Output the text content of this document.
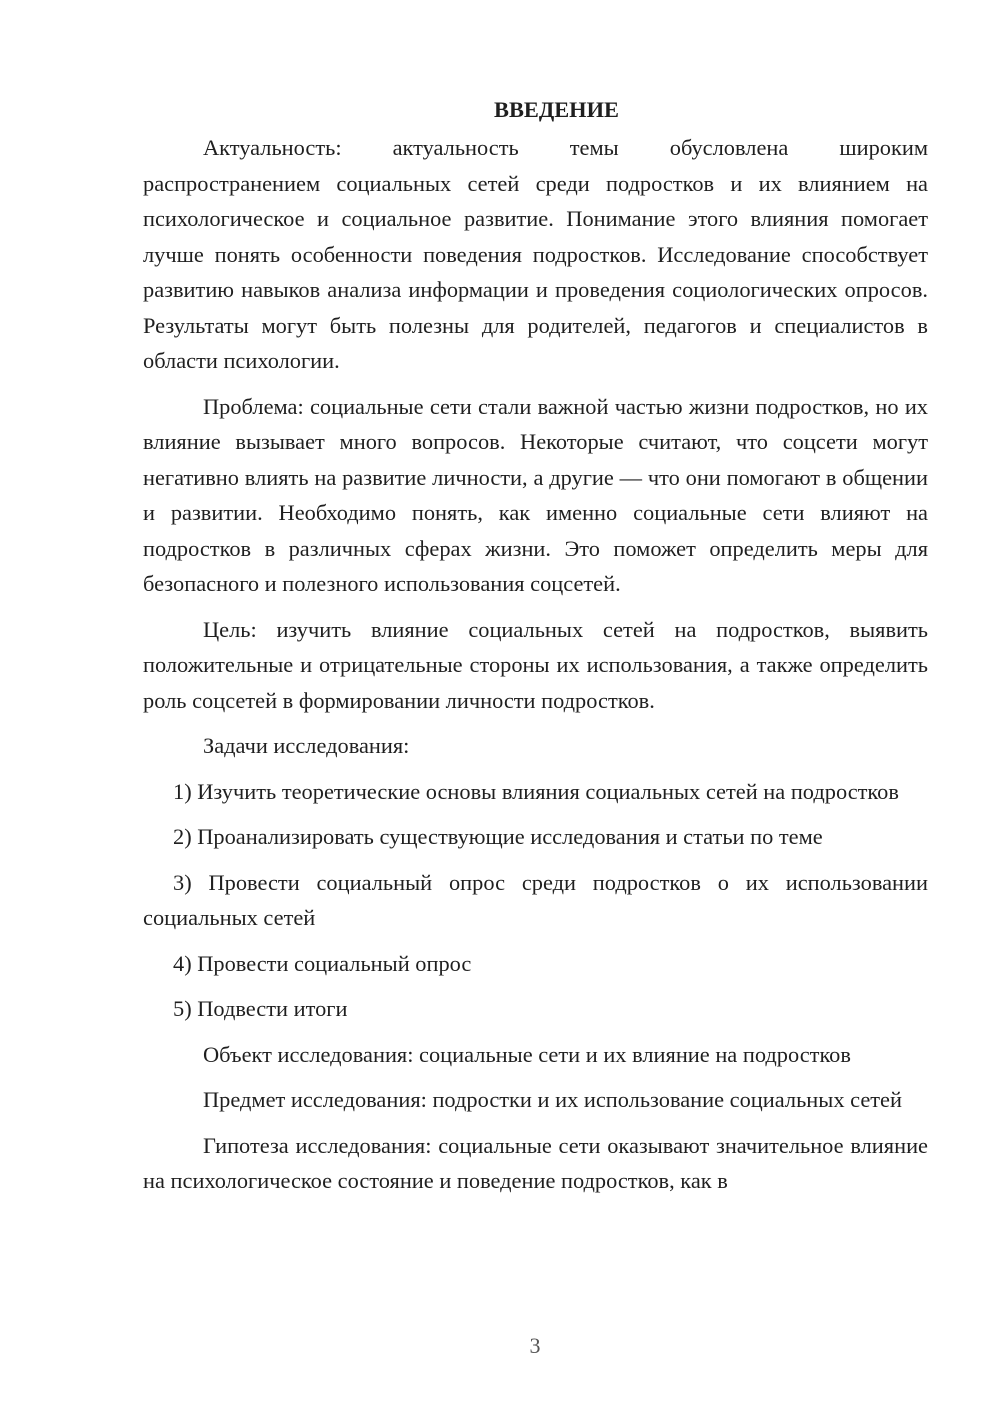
ВВЕДЕНИЕ

Актуальность: актуальность темы обусловлена широким распространением социальных сетей среди подростков и их влиянием на психологическое и социальное развитие. Понимание этого влияния помогает лучше понять особенности поведения подростков. Исследование способствует развитию навыков анализа информации и проведения социологических опросов. Результаты могут быть полезны для родителей, педагогов и специалистов в области психологии.

Проблема: социальные сети стали важной частью жизни подростков, но их влияние вызывает много вопросов. Некоторые считают, что соцсети могут негативно влиять на развитие личности, а другие — что они помогают в общении и развитии. Необходимо понять, как именно социальные сети влияют на подростков в различных сферах жизни. Это поможет определить меры для безопасного и полезного использования соцсетей.

Цель: изучить влияние социальных сетей на подростков, выявить положительные и отрицательные стороны их использования, а также определить роль соцсетей в формировании личности подростков.

Задачи исследования:

1) Изучить теоретические основы влияния социальных сетей на подростков

2) Проанализировать существующие исследования и статьи по теме

3) Провести социальный опрос среди подростков о их использовании социальных сетей

4) Провести социальный опрос

5) Подвести итоги

Объект исследования: социальные сети и их влияние на подростков

Предмет исследования: подростки и их использование социальных сетей

Гипотеза исследования: социальные сети оказывают значительное влияние на психологическое состояние и поведение подростков, как в

3
